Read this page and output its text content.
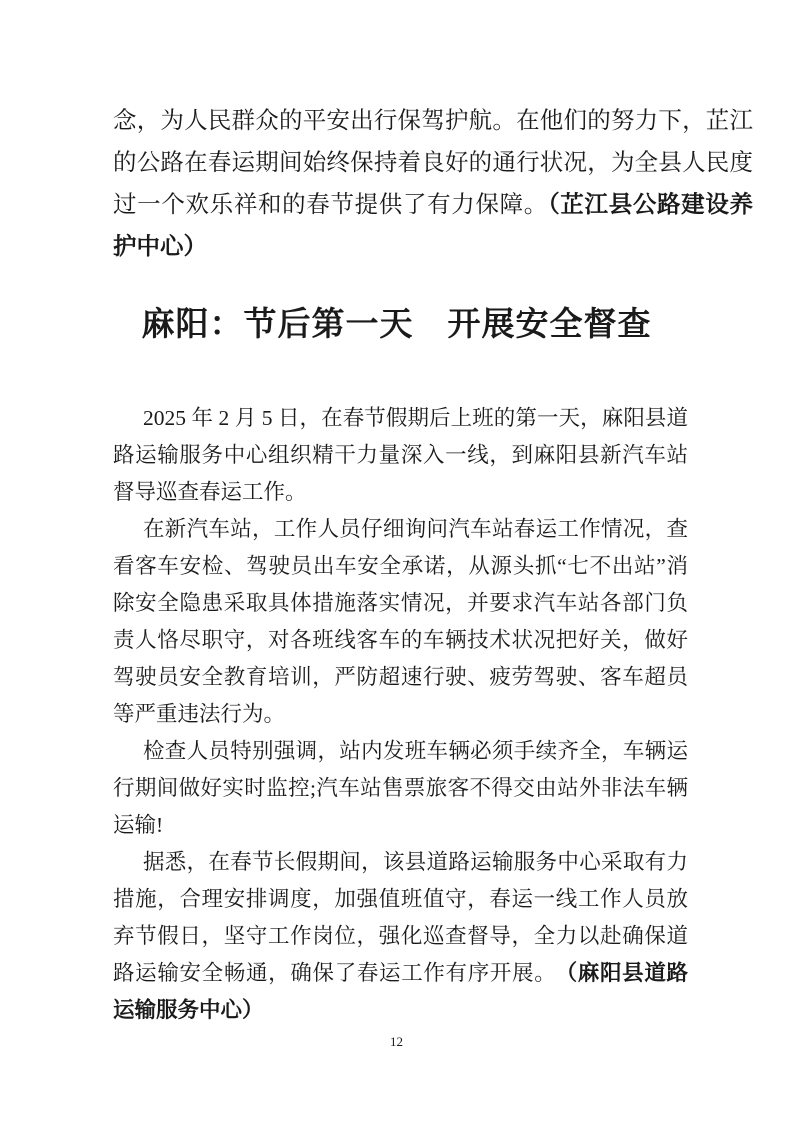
念，为人民群众的平安出行保驾护航。在他们的努力下，芷江的公路在春运期间始终保持着良好的通行状况，为全县人民度过一个欢乐祥和的春节提供了有力保障。（芷江县公路建设养护中心）

麻阳：节后第一天　开展安全督查

2025 年 2 月 5 日，在春节假期后上班的第一天，麻阳县道路运输服务中心组织精干力量深入一线，到麻阳县新汽车站督导巡查春运工作。

在新汽车站，工作人员仔细询问汽车站春运工作情况，查看客车安检、驾驶员出车安全承诺，从源头抓“七不出站”消除安全隐患采取具体措施落实情况，并要求汽车站各部门负责人恪尽职守，对各班线客车的车辆技术状况把好关，做好驾驶员安全教育培训，严防超速行驶、疲劳驾驶、客车超员等严重违法行为。

检查人员特别强调，站内发班车辆必须手续齐全，车辆运行期间做好实时监控;汽车站售票旅客不得交由站外非法车辆运输!

据悉，在春节长假期间，该县道路运输服务中心采取有力措施，合理安排调度，加强值班值守，春运一线工作人员放弃节假日，坚守工作岗位，强化巡查督导，全力以赴确保道路运输安全畅通，确保了春运工作有序开展。 （麻阳县道路运输服务中心）

12
